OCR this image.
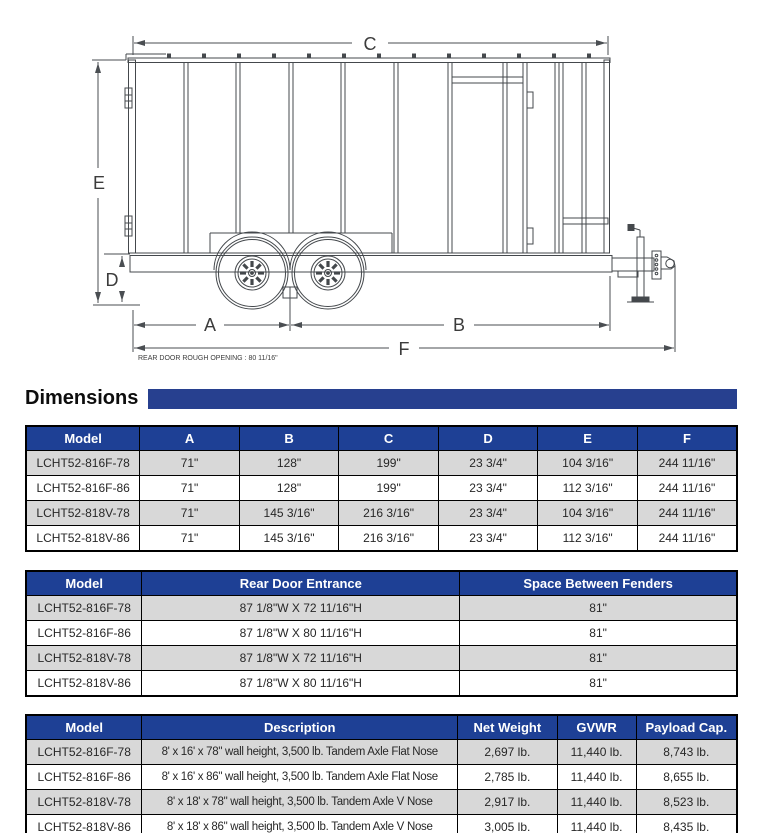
C
E
D
A	B
F
REAR DOOR ROUGH OPENING : 80 11/16"
Dimensions
Model	A	B	C	D	E	F
LCHT52-816F-78	71"	128"	199"	23 3/4"	104 3/16"	244 11/16"
LCHT52-816F-86	71"	128"	199"	23 3/4"	112 3/16"	244 11/16"
LCHT52-818V-78	71"	145 3/16"	216 3/16"	23 3/4"	104 3/16"	244 11/16"
LCHT52-818V-86	71"	145 3/16"	216 3/16"	23 3/4"	112 3/16"	244 11/16"
Model	Rear Door Entrance	Space Between Fenders
LCHT52-816F-78	87 1/8"W X 72 11/16"H	81"
LCHT52-816F-86	87 1/8"W X 80 11/16"H	81"
LCHT52-818V-78	87 1/8"W X 72 11/16"H	81"
LCHT52-818V-86	87 1/8"W X 80 11/16"H	81"
Model	Description	Net Weight	GVWR	Payload Cap.
LCHT52-816F-78	8' x 16' x 78" wall height, 3,500 lb. Tandem Axle Flat Nose	2,697 lb.	11,440 lb.	8,743 lb.
LCHT52-816F-86	8' x 16' x 86" wall height, 3,500 lb. Tandem Axle Flat Nose	2,785 lb.	11,440 lb.	8,655 lb.
LCHT52-818V-78	8' x 18' x 78" wall height, 3,500 lb. Tandem Axle V Nose	2,917 lb.	11,440 lb.	8,523 lb.
LCHT52-818V-86	8' x 18' x 86" wall height, 3,500 lb. Tandem Axle V Nose	3,005 lb.	11,440 lb.	8,435 lb.
